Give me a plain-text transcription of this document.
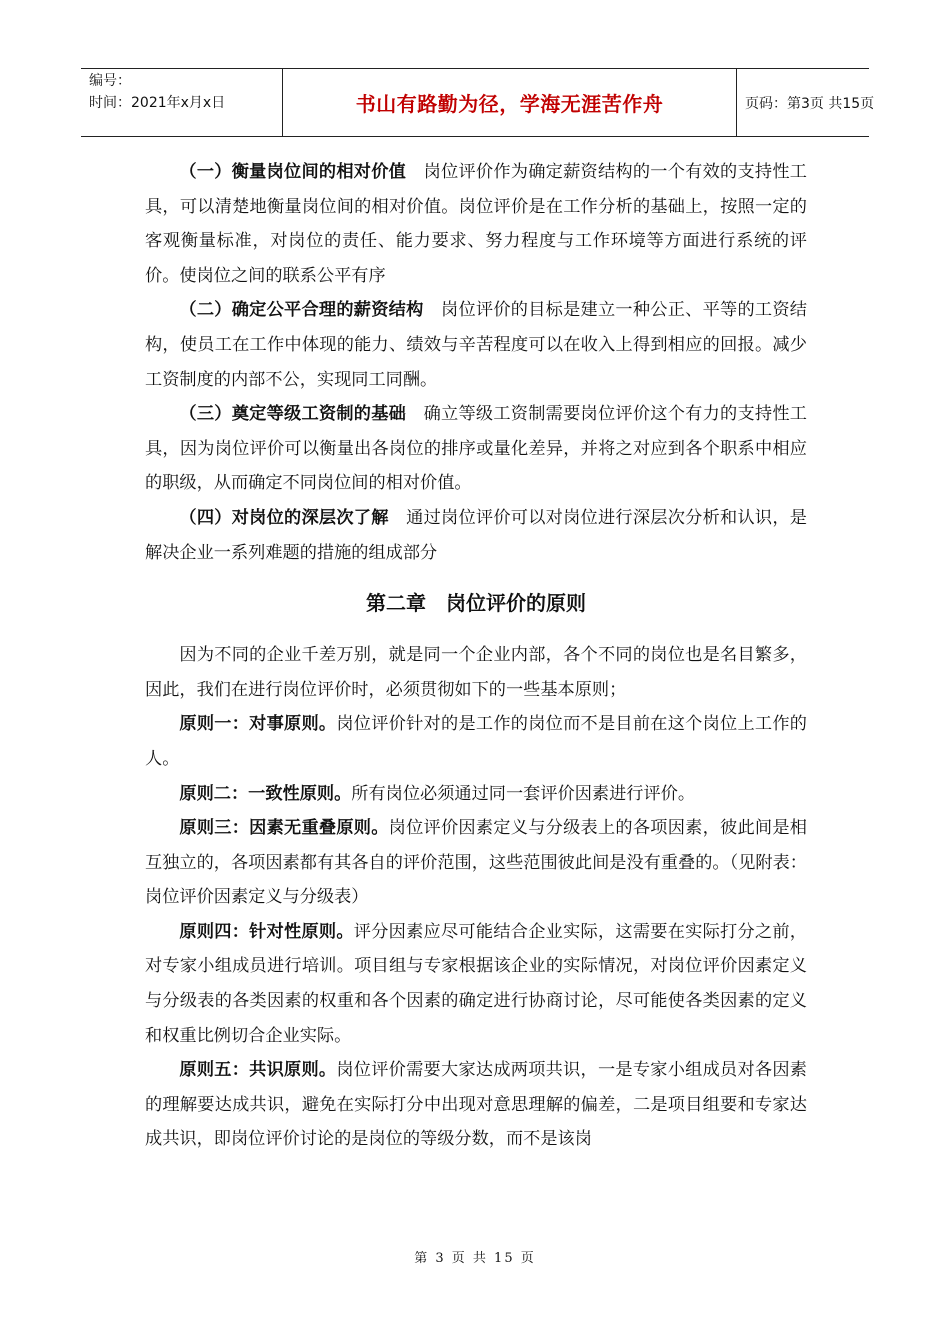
编号：
时间：2021年x月x日	书山有路勤为径，学海无涯苦作舟	页码：第3页 共15页

（一）衡量岗位间的相对价值　 岗位评价作为确定薪资结构的一个有效的支持性工具，可以清楚地衡量岗位间的相对价值。岗位评价是在工作分析的基础上，按照一定的客观衡量标准，对岗位的责任、能力要求、努力程度与工作环境等方面进行系统的评价。使岗位之间的联系公平有序

（二）确定公平合理的薪资结构　 岗位评价的目标是建立一种公正、平等的工资结构，使员工在工作中体现的能力、绩效与辛苦程度可以在收入上得到相应的回报。减少工资制度的内部不公，实现同工同酬。

（三）奠定等级工资制的基础　 确立等级工资制需要岗位评价这个有力的支持性工具，因为岗位评价可以衡量出各岗位的排序或量化差异，并将之对应到各个职系中相应的职级，从而确定不同岗位间的相对价值。

（四）对岗位的深层次了解　 通过岗位评价可以对岗位进行深层次分析和认识，是解决企业一系列难题的措施的组成部分

第二章　岗位评价的原则

因为不同的企业千差万别，就是同一个企业内部，各个不同的岗位也是名目繁多，因此，我们在进行岗位评价时，必须贯彻如下的一些基本原则；

原则一：对事原则。岗位评价针对的是工作的岗位而不是目前在这个岗位上工作的人。

原则二：一致性原则。所有岗位必须通过同一套评价因素进行评价。

原则三：因素无重叠原则。岗位评价因素定义与分级表上的各项因素，彼此间是相互独立的，各项因素都有其各自的评价范围，这些范围彼此间是没有重叠的。（见附表：岗位评价因素定义与分级表）

原则四：针对性原则。评分因素应尽可能结合企业实际，这需要在实际打分之前，对专家小组成员进行培训。项目组与专家根据该企业的实际情况，对岗位评价因素定义与分级表的各类因素的权重和各个因素的确定进行协商讨论，尽可能使各类因素的定义和权重比例切合企业实际。

原则五：共识原则。岗位评价需要大家达成两项共识，一是专家小组成员对各因素的理解要达成共识，避免在实际打分中出现对意思理解的偏差，二是项目组要和专家达成共识，即岗位评价讨论的是岗位的等级分数，而不是该岗

第 3 页 共 15 页
